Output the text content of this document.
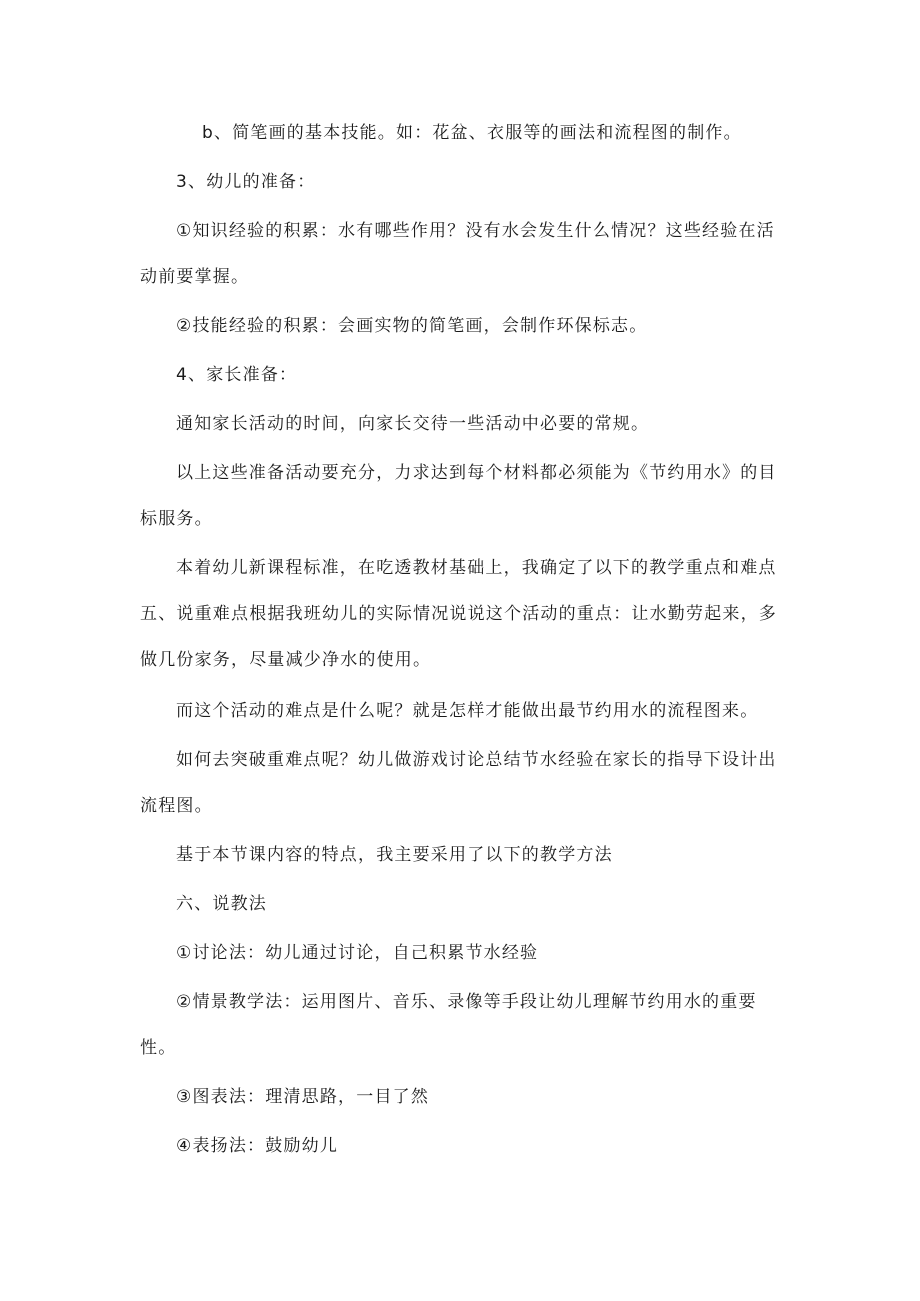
b、简笔画的基本技能。如：花盆、衣服等的画法和流程图的制作。

3、幼儿的准备：

①知识经验的积累：水有哪些作用？没有水会发生什么情况？这些经验在活动前要掌握。

②技能经验的积累：会画实物的简笔画，会制作环保标志。

4、家长准备：

通知家长活动的时间，向家长交待一些活动中必要的常规。

以上这些准备活动要充分，力求达到每个材料都必须能为《节约用水》的目标服务。

本着幼儿新课程标准，在吃透教材基础上，我确定了以下的教学重点和难点五、说重难点根据我班幼儿的实际情况说说这个活动的重点：让水勤劳起来，多做几份家务，尽量减少净水的使用。

而这个活动的难点是什么呢？就是怎样才能做出最节约用水的流程图来。

如何去突破重难点呢？幼儿做游戏讨论总结节水经验在家长的指导下设计出流程图。

基于本节课内容的特点，我主要采用了以下的教学方法

六、说教法

①讨论法：幼儿通过讨论，自己积累节水经验

②情景教学法：运用图片、音乐、录像等手段让幼儿理解节约用水的重要性。

③图表法：理清思路，一目了然

④表扬法：鼓励幼儿
